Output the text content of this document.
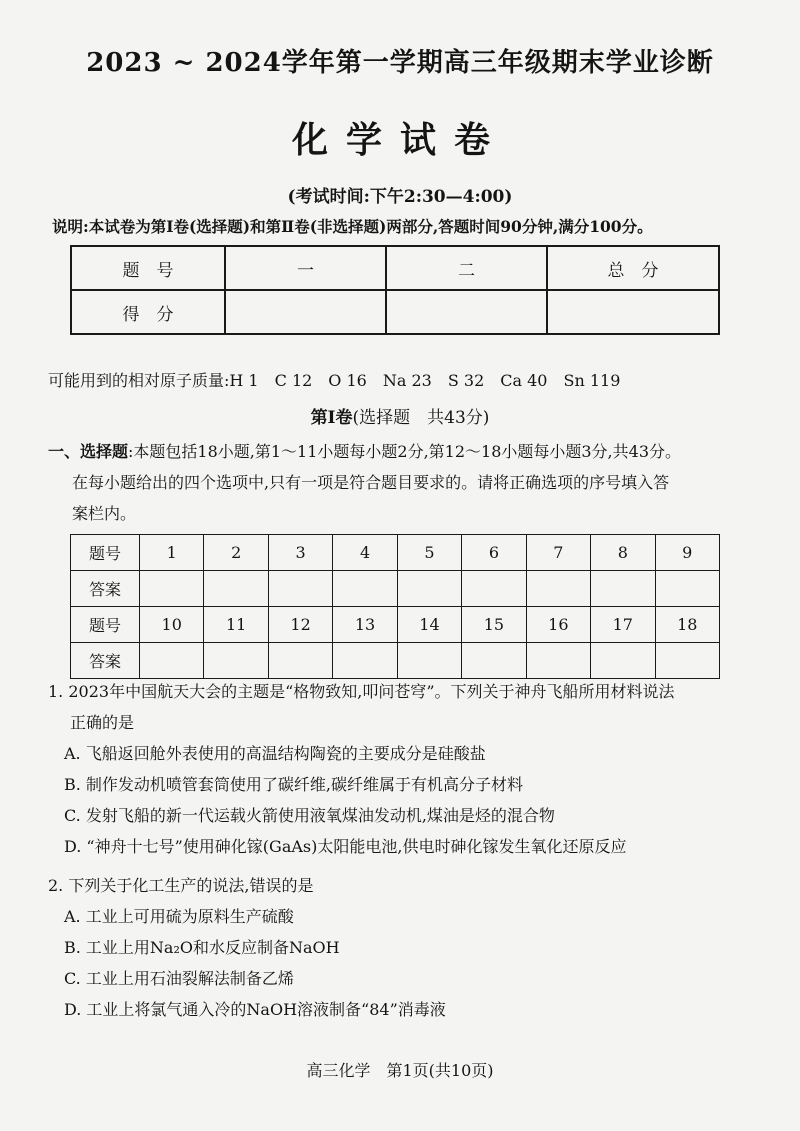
2023 ~ 2024学年第一学期高三年级期末学业诊断
化学试卷
(考试时间:下午2:30—4:00)
说明:本试卷为第Ⅰ卷(选择题)和第Ⅱ卷(非选择题)两部分,答题时间90分钟,满分100分。
题　号	一	二	总　分
得　分			
可能用到的相对原子质量:H 1　C 12　O 16　Na 23　S 32　Ca 40　Sn 119
第Ⅰ卷(选择题　共43分)
一、选择题:本题包括18小题,第1～11小题每小题2分,第12～18小题每小题3分,共43分。
在每小题给出的四个选项中,只有一项是符合题目要求的。请将正确选项的序号填入答
案栏内。
题号	1	2	3	4	5	6	7	8	9
答案									
题号	10	11	12	13	14	15	16	17	18
答案									
1. 2023年中国航天大会的主题是“格物致知,叩问苍穹”。下列关于神舟飞船所用材料说法
正确的是
A. 飞船返回舱外表使用的高温结构陶瓷的主要成分是硅酸盐
B. 制作发动机喷管套筒使用了碳纤维,碳纤维属于有机高分子材料
C. 发射飞船的新一代运载火箭使用液氧煤油发动机,煤油是烃的混合物
D. “神舟十七号”使用砷化镓(GaAs)太阳能电池,供电时砷化镓发生氧化还原反应
2. 下列关于化工生产的说法,错误的是
A. 工业上可用硫为原料生产硫酸
B. 工业上用Na₂O和水反应制备NaOH
C. 工业上用石油裂解法制备乙烯
D. 工业上将氯气通入冷的NaOH溶液制备“84”消毒液
高三化学　第1页(共10页)
